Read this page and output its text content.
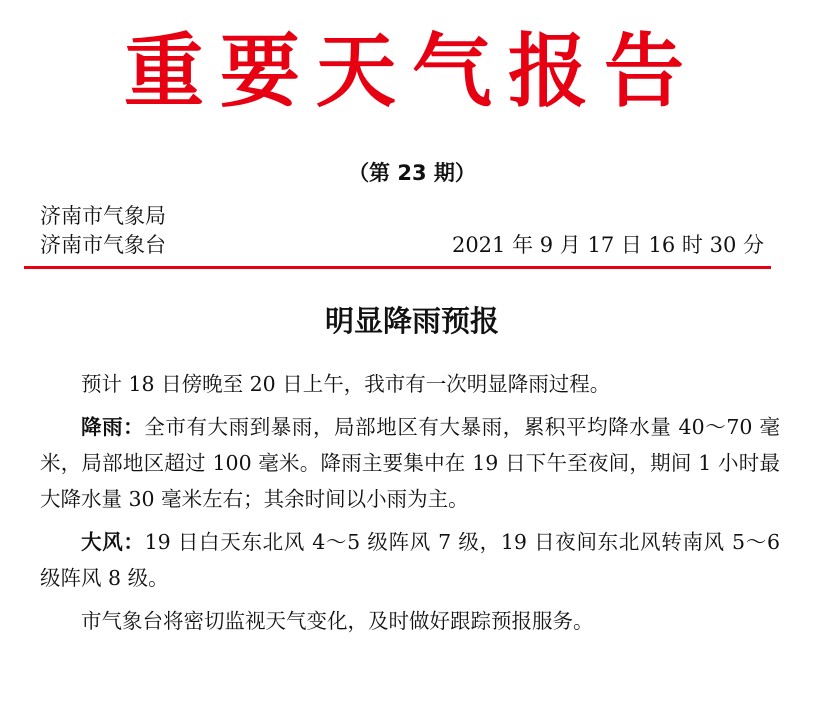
重要天气报告
（第 23 期）
济南市气象局
济南市气象台	2021 年 9 月 17 日 16 时 30 分
明显降雨预报

预计 18 日傍晚至 20 日上午，我市有一次明显降雨过程。

降雨：全市有大雨到暴雨，局部地区有大暴雨，累积平均降水量 40～70 毫米，局部地区超过 100 毫米。降雨主要集中在 19 日下午至夜间，期间 1 小时最大降水量 30 毫米左右；其余时间以小雨为主。

大风：19 日白天东北风 4～5 级阵风 7 级，19 日夜间东北风转南风 5～6 级阵风 8 级。

市气象台将密切监视天气变化，及时做好跟踪预报服务。
